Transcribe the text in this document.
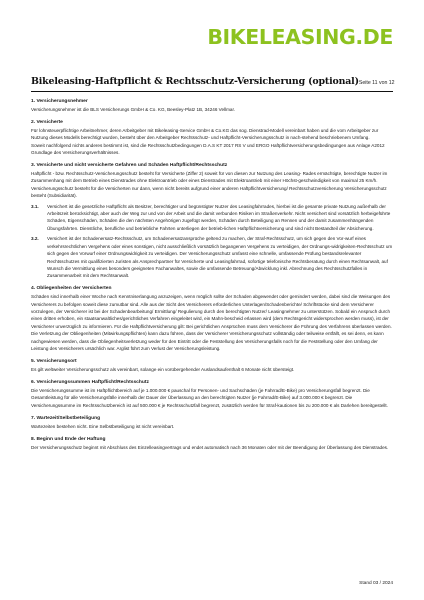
BIKELEASING.DE
Bikeleasing-Haftpflicht & Rechtsschutz-Versicherung (optional) Seite 11 von 12
1. Versicherungsnehmer

Versicherungsnehmer ist die BLS Versicherungs GmbH & Co. KG, Beesley-Platz 1B, 34246 Vellmar.

2. Versicherte

Für lohnsteuerpflichtige Arbeitnehmer, deren Arbeitgeber mit Bikeleasing-Service GmbH & Co.KG das sog. Dienstrad-Modell vereinbart haben und die vom Arbeitgeber zur Nutzung dieses Modells berechtigt wurden, besteht über den Arbeitgeber Rechtsschutz- und Haftpflicht-Versicherungsschutz in nach-stehend beschriebenem Umfang.

Soweit nachfolgend nichts anderes bestimmt ist, sind die Rechtsschutzbedingungen D.A.S KT 2017 RS V und ERGO Haftpflichtversicherungsbedingungen aus Anlage A2012 Grundlage des Versicherungsverhältnisses.

3. Versicherte und nicht versicherte Gefahren und Schäden Haftpflicht/Rechtsschutz

Haftpflicht - bzw. Rechtsschutz-Versicherungsschutz besteht für Versicherte (Ziffer 2) soweit für von diesen zur Nutzung des Leasing- Rades ermächtigte, berechtigte Nutzer im Zusammenhang mit dem Betrieb eines Dienstrades ohne Elektroantrieb oder eines Dienstrades mit Elektroantrieb mit einer Höchst-geschwindigkeit von maximal 25 Km/h.

Versicherungsschutz besteht für die Versicherten nur dann, wenn nicht bereits aufgrund einer anderen Haftpflichtversicherung/ Rechtsschutzversicherung Versicherungsschutz besteht (Subsidiarität).

3.1.	Versichert ist die gesetzliche Haftpflicht als Besitzer, berechtigter und begünstigter Nutzer des Leasingfahrrades, hierbei ist die gesamte private Nutzung außerhalb der Arbeitszeit berücksichtigt, aber auch der Weg zur und von der Arbeit und die damit verbunden Risiken im Straßenverkehr. Nicht versichert sind vorsätzlich herbeigeführte Schäden, Eigenschäden, Schäden die den nächsten Angehörigen zugefügt werden, Schäden durch Beteiligung an Rennen und der damit zusammenhängenden Übungsfahrten. Dienstliche, berufliche und betriebliche Fahrten unterliegen der betrieb-lichen Haftpflichtversicherung und sind nicht Bestandteil der Absicherung.
3.2.	Versichert ist der Schadenersatz-Rechtsschutz, um Schadenersatzansprüche geltend zu machen, der Straf-Rechtsschutz, um sich gegen den Vor-wurf eines verkehrsrechtlichen Vergehens oder eines sonstigen, nicht ausschließlich vorsätzlich begangenen Vergehens zu verteidigen, der Ordnungs-widrigkeiten-Rechtsschutz um sich gegen den Vorwurf einer Ordnungswidrigkeit zu verteidigen. Der Versicherungsschutz umfasst eine schnelle, umfassende Prüfung bestandsrelevanter Rechtsschutzes mit qualifizierten Juristen als Ansprechpartner für Versicherte und Leasingfahrrad, sofortige telefonische Rechtsberatung durch einen Rechtsanwalt, auf Wunsch die Vermittlung eines besonders geeigneten Fachanwaltes, sowie die umfassende Betreuung/Abwicklung inkl. Abrechnung des Rechtsschutzfalles in Zusammenarbeit mit dem Rechtsanwalt.
4. Obliegenheiten der Versicherten

Schäden sind innerhalb einer Woche nach Kenntniserlangung anzuzeigen, wenn möglich sollte der Schaden abgewendet oder gemindert werden, dabei sind die Weisungen des Versicherers zu befolgen soweit diese zumutbar sind. Alle aus der Sicht des Versicherers erforderlichen Unterlagen/Schadenberichte/ Schriftstücke sind dem Versicherer vorzulegen, der Versicherer ist bei der Schadenbearbeitung/ Ermittlung/ Regulierung durch den berechtigten Nutzer/ Leasingnehmer zu unterstützen. Sobald ein Anspruch durch einen dritten erhoben, ein staatsanwaltliches/gerichtliches Verfahren eingeleitet wird, ein Mahn-bescheid erlassen wird (dem Rechtsgericht widersprochen werden muss), ist der Versicherer unverzüglich zu informieren. Für die Haftpflichtversicherung gilt: Bei gerichtlichen Ansprüchen muss dem Versicherer die Führung des Verfahrens überlassen werden.

Die Verletzung der Obliegenheiten (Mitwirkungspflichten) kann dazu führen, dass der Versicherer Versicherungsschutz vollständig oder teilweise entfällt, es sei denn, es kann nachgewiesen werden, dass die Obliegenheitsverletzung weder für den Eintritt oder die Feststellung des Versicherungsfalls noch für die Feststellung oder den Umfang der Leistung des Versicherers ursächlich war. Arglist führt zum Verlust der Versicherungsleistung.

5. Versicherungsort

Es gilt weltweiter Versicherungsschutz als vereinbart, solange ein vorübergehender Auslandsaufenthalt 6 Monate nicht übersteigt.

6. Versicherungssummen Haftpflicht/Rechtsschutz

Die Versicherungssumme ist im Haftpflichtbereich auf je 1.000.000 € pauschal für Personen- und Sachschäden (je Fahrrad/E-Bike) pro Versicherungsfall begrenzt. Die Gesamtleistung für alle Versicherungsfälle innerhalb der Dauer der Überlassung an den berechtigten Nutzer (je Fahrrad/E-Bike) auf 3.000.000 € begrenzt. Die Versicherungssumme im Rechtsschutzbereich ist auf 500.000 € je Rechtsschutzfall begrenzt, zusätzlich werden für Straf-kautionen bis zu 200.000 € als Darlehen bereitgestellt.

7. Wartezeit/Selbstbeteiligung

Wartezeiten bestehen nicht. Eine Selbstbeteiligung ist nicht vereinbart.

8. Beginn und Ende der Haftung

Der Versicherungsschutz beginnt mit Abschluss des Einzelleasingvertrags und endet automatisch nach 36 Monaten oder mit der Beendigung der Überlassung des Dienstrades.

Stand 03 / 2024
